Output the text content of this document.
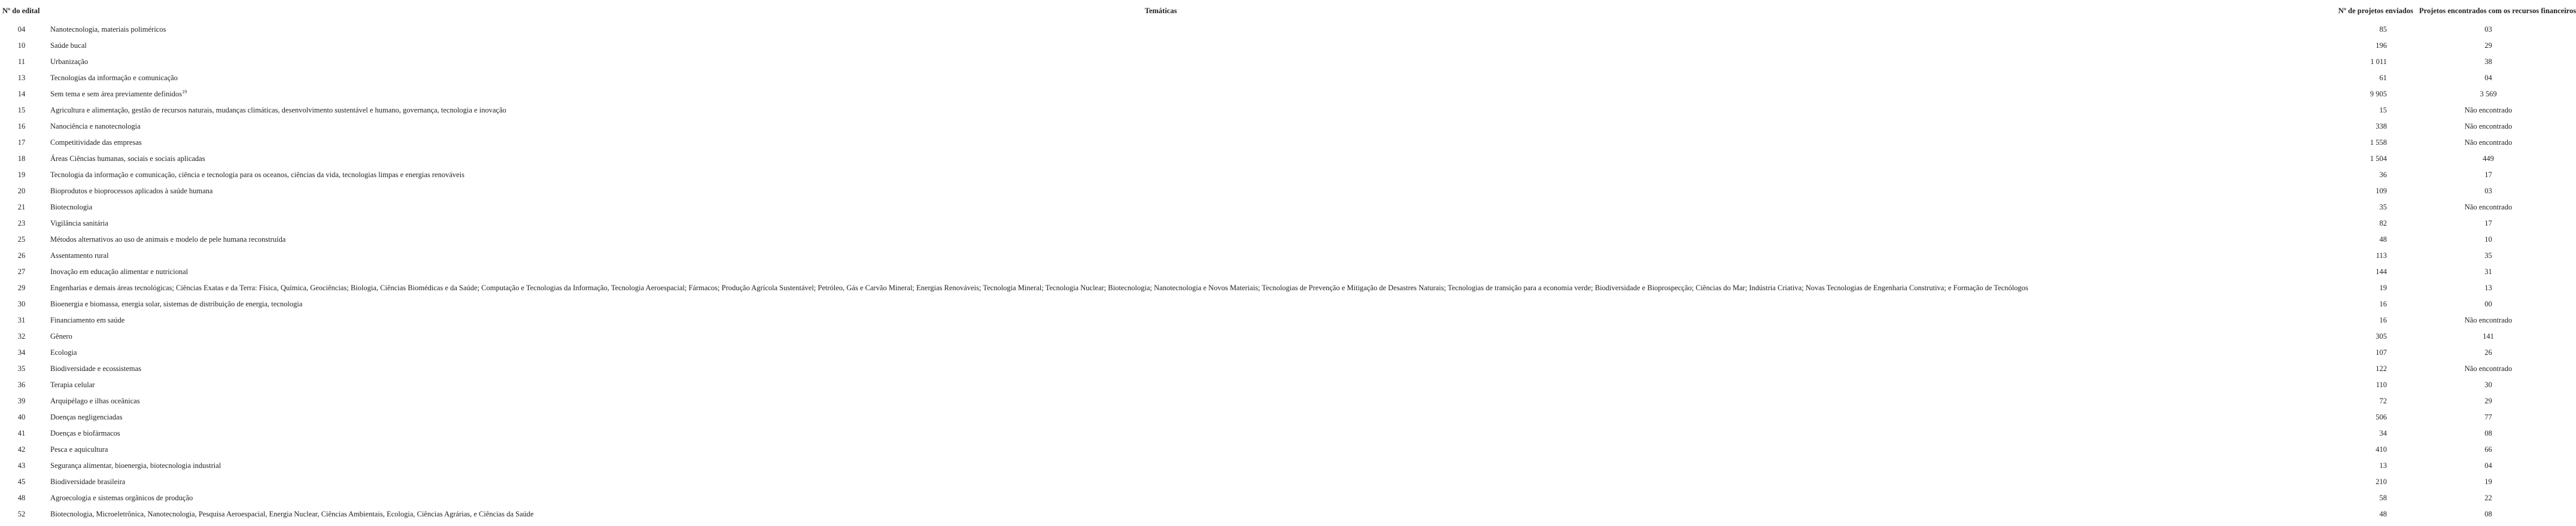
Nº do edital	Temáticas	Nº de projetos enviados	Projetos encontrados com os recursos financeiros
04	Nanotecnologia, materiais poliméricos	85	03
10	Saúde bucal	196	29
11	Urbanização	1 011	38
13	Tecnologias da informação e comunicação	61	04
14	Sem tema e sem área previamente definidos$^{19}$	9 905	3 569
15	Agricultura e alimentação, gestão de recursos naturais, mudanças climáticas, desenvolvimento sustentável e humano, governança, tecnologia e inovação	15	Não encontrado
16	Nanociência e nanotecnologia	338	Não encontrado
17	Competitividade das empresas	1 558	Não encontrado
18	Áreas Ciências humanas, sociais e sociais aplicadas	1 504	449
19	Tecnologia da informação e comunicação, ciência e tecnologia para os oceanos, ciências da vida, tecnologias limpas e energias renováveis	36	17
20	Bioprodutos e bioprocessos aplicados à saúde humana	109	03
21	Biotecnologia	35	Não encontrado
23	Vigilância sanitária	82	17
25	Métodos alternativos ao uso de animais e modelo de pele humana reconstruída	48	10
26	Assentamento rural	113	35
27	Inovação em educação alimentar e nutricional	144	31
29	Engenharias e demais áreas tecnológicas; Ciências Exatas e da Terra: Física, Química, Geociências; Biologia, Ciências Biomédicas e da Saúde; Computação e Tecnologias da Informação, Tecnologia Aeroespacial; Fármacos; Produção Agrícola Sustentável; Petróleo, Gás e Carvão Mineral; Energias Renováveis; Tecnologia Mineral; Tecnologia Nuclear; Biotecnologia; Nanotecnologia e Novos Materiais; Tecnologias de Prevenção e Mitigação de Desastres Naturais; Tecnologias de transição para a economia verde; Biodiversidade e Bioprospecção; Ciências do Mar; Indústria Criativa; Novas Tecnologias de Engenharia Construtiva; e Formação de Tecnólogos	19	13
30	Bioenergia e biomassa, energia solar, sistemas de distribuição de energia, tecnologia	16	00
31	Financiamento em saúde	16	Não encontrado
32	Gênero	305	141
34	Ecologia	107	26
35	Biodiversidade e ecossistemas	122	Não encontrado
36	Terapia celular	110	30
39	Arquipélago e ilhas oceânicas	72	29
40	Doenças negligenciadas	506	77
41	Doenças e biofármacos	34	08
42	Pesca e aquicultura	410	66
43	Segurança alimentar, bioenergia, biotecnologia industrial	13	04
45	Biodiversidade brasileira	210	19
48	Agroecologia e sistemas orgânicos de produção	58	22
52	Biotecnologia, Microeletrônica, Nanotecnologia, Pesquisa Aeroespacial, Energia Nuclear, Ciências Ambientais, Ecologia, Ciências Agrárias, e Ciências da Saúde	48	08
